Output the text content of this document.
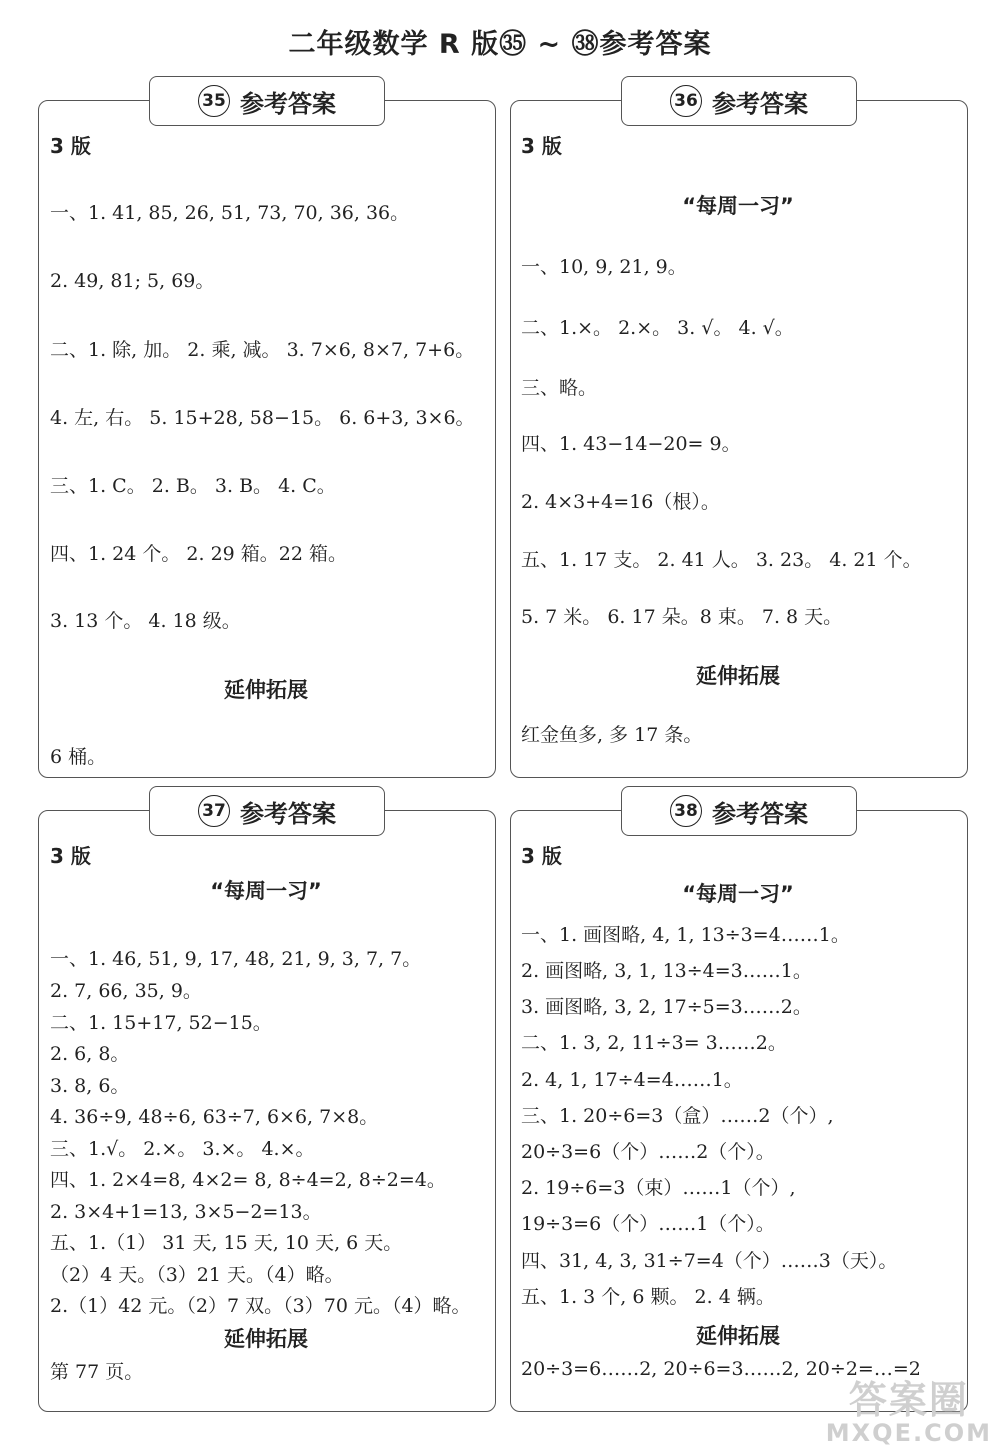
二年级数学 R 版㉟ ~ ㊳参考答案
35 参考答案
3 版
一、1. 41, 85, 26, 51, 73, 70, 36, 36。
2. 49, 81; 5, 69。
二、1. 除, 加。 2. 乘, 减。 3. 7×6, 8×7, 7+6。
4. 左, 右。 5. 15+28, 58−15。 6. 6+3, 3×6。
三、1. C。 2. B。 3. B。 4. C。
四、1. 24 个。 2. 29 箱。22 箱。
3. 13 个。 4. 18 级。
延伸拓展
6 桶。
36 参考答案
3 版
“每周一习”
一、10, 9, 21, 9。
二、1.×。 2.×。 3. √。 4. √。
三、略。
四、1. 43−14−20= 9。
2. 4×3+4=16（根）。
五、1. 17 支。 2. 41 人。 3. 23。 4. 21 个。
5. 7 米。 6. 17 朵。8 束。 7. 8 天。
延伸拓展
红金鱼多, 多 17 条。
37 参考答案
3 版
“每周一习”
一、1. 46, 51, 9, 17, 48, 21, 9, 3, 7, 7。
2. 7, 66, 35, 9。
二、1. 15+17, 52−15。
2. 6, 8。
3. 8, 6。
4. 36÷9, 48÷6, 63÷7, 6×6, 7×8。
三、1.√。 2.×。 3.×。 4.×。
四、1. 2×4=8, 4×2= 8, 8÷4=2, 8÷2=4。
2. 3×4+1=13, 3×5−2=13。
五、1.（1） 31 天, 15 天, 10 天, 6 天。
（2）4 天。（3）21 天。（4）略。
2.（1）42 元。（2）7 双。（3）70 元。（4）略。
延伸拓展
第 77 页。
38 参考答案
3 版
“每周一习”
一、1. 画图略, 4, 1, 13÷3=4……1。
2. 画图略, 3, 1, 13÷4=3……1。
3. 画图略, 3, 2, 17÷5=3……2。
二、1. 3, 2, 11÷3= 3……2。
2. 4, 1, 17÷4=4……1。
三、1. 20÷6=3（盒）……2（个）,
20÷3=6（个）……2（个）。
2. 19÷6=3（束）……1（个）,
19÷3=6（个）……1（个）。
四、31, 4, 3, 31÷7=4（个）……3（天）。
五、1. 3 个, 6 颗。 2. 4 辆。
延伸拓展
20÷3=6……2, 20÷6=3……2, 20÷2=…=2
答案圈
MXQE.COM
